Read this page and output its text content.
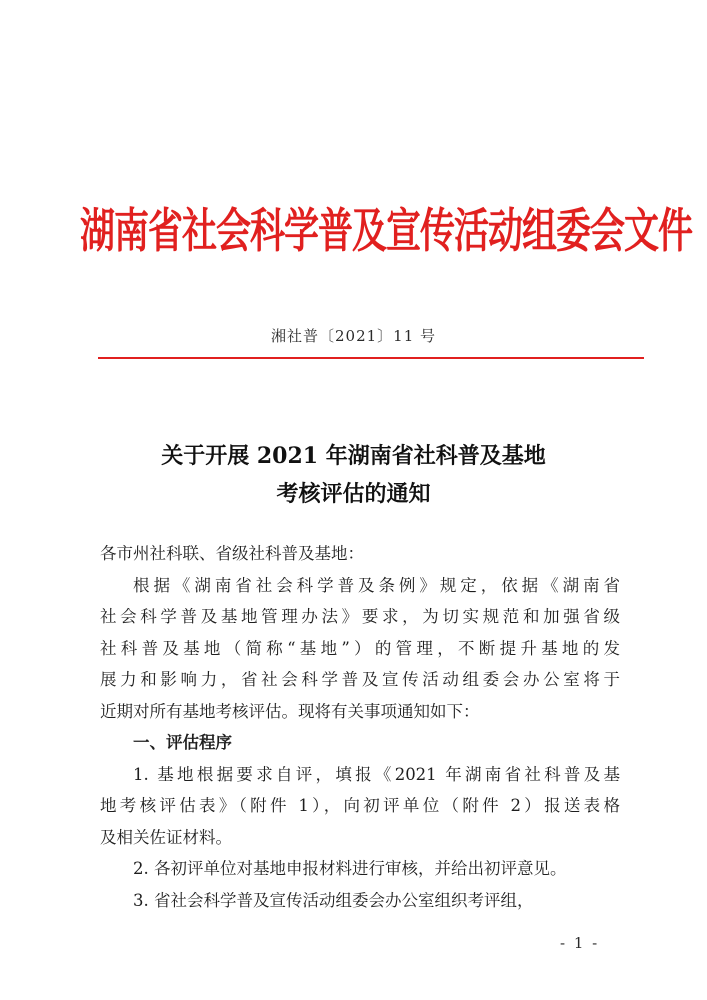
湖南省社会科学普及宣传活动组委会文件
湘社普〔2021〕11 号
关于开展 2021 年湖南省社科普及基地
考核评估的通知

各市州社科联、省级社科普及基地：

根据《湖南省社会科学普及条例》规定，依据《湖南省

社会科学普及基地管理办法》要求，为切实规范和加强省级

社科普及基地（简称“基地”）的管理，不断提升基地的发

展力和影响力，省社会科学普及宣传活动组委会办公室将于

近期对所有基地考核评估。现将有关事项通知如下：

一、评估程序

1. 基地根据要求自评，填报《2021 年湖南省社科普及基

地考核评估表》（附件 1），向初评单位（附件 2）报送表格

及相关佐证材料。

2. 各初评单位对基地申报材料进行审核，并给出初评意见。

3. 省社会科学普及宣传活动组委会办公室组织考评组，

- 1 -
